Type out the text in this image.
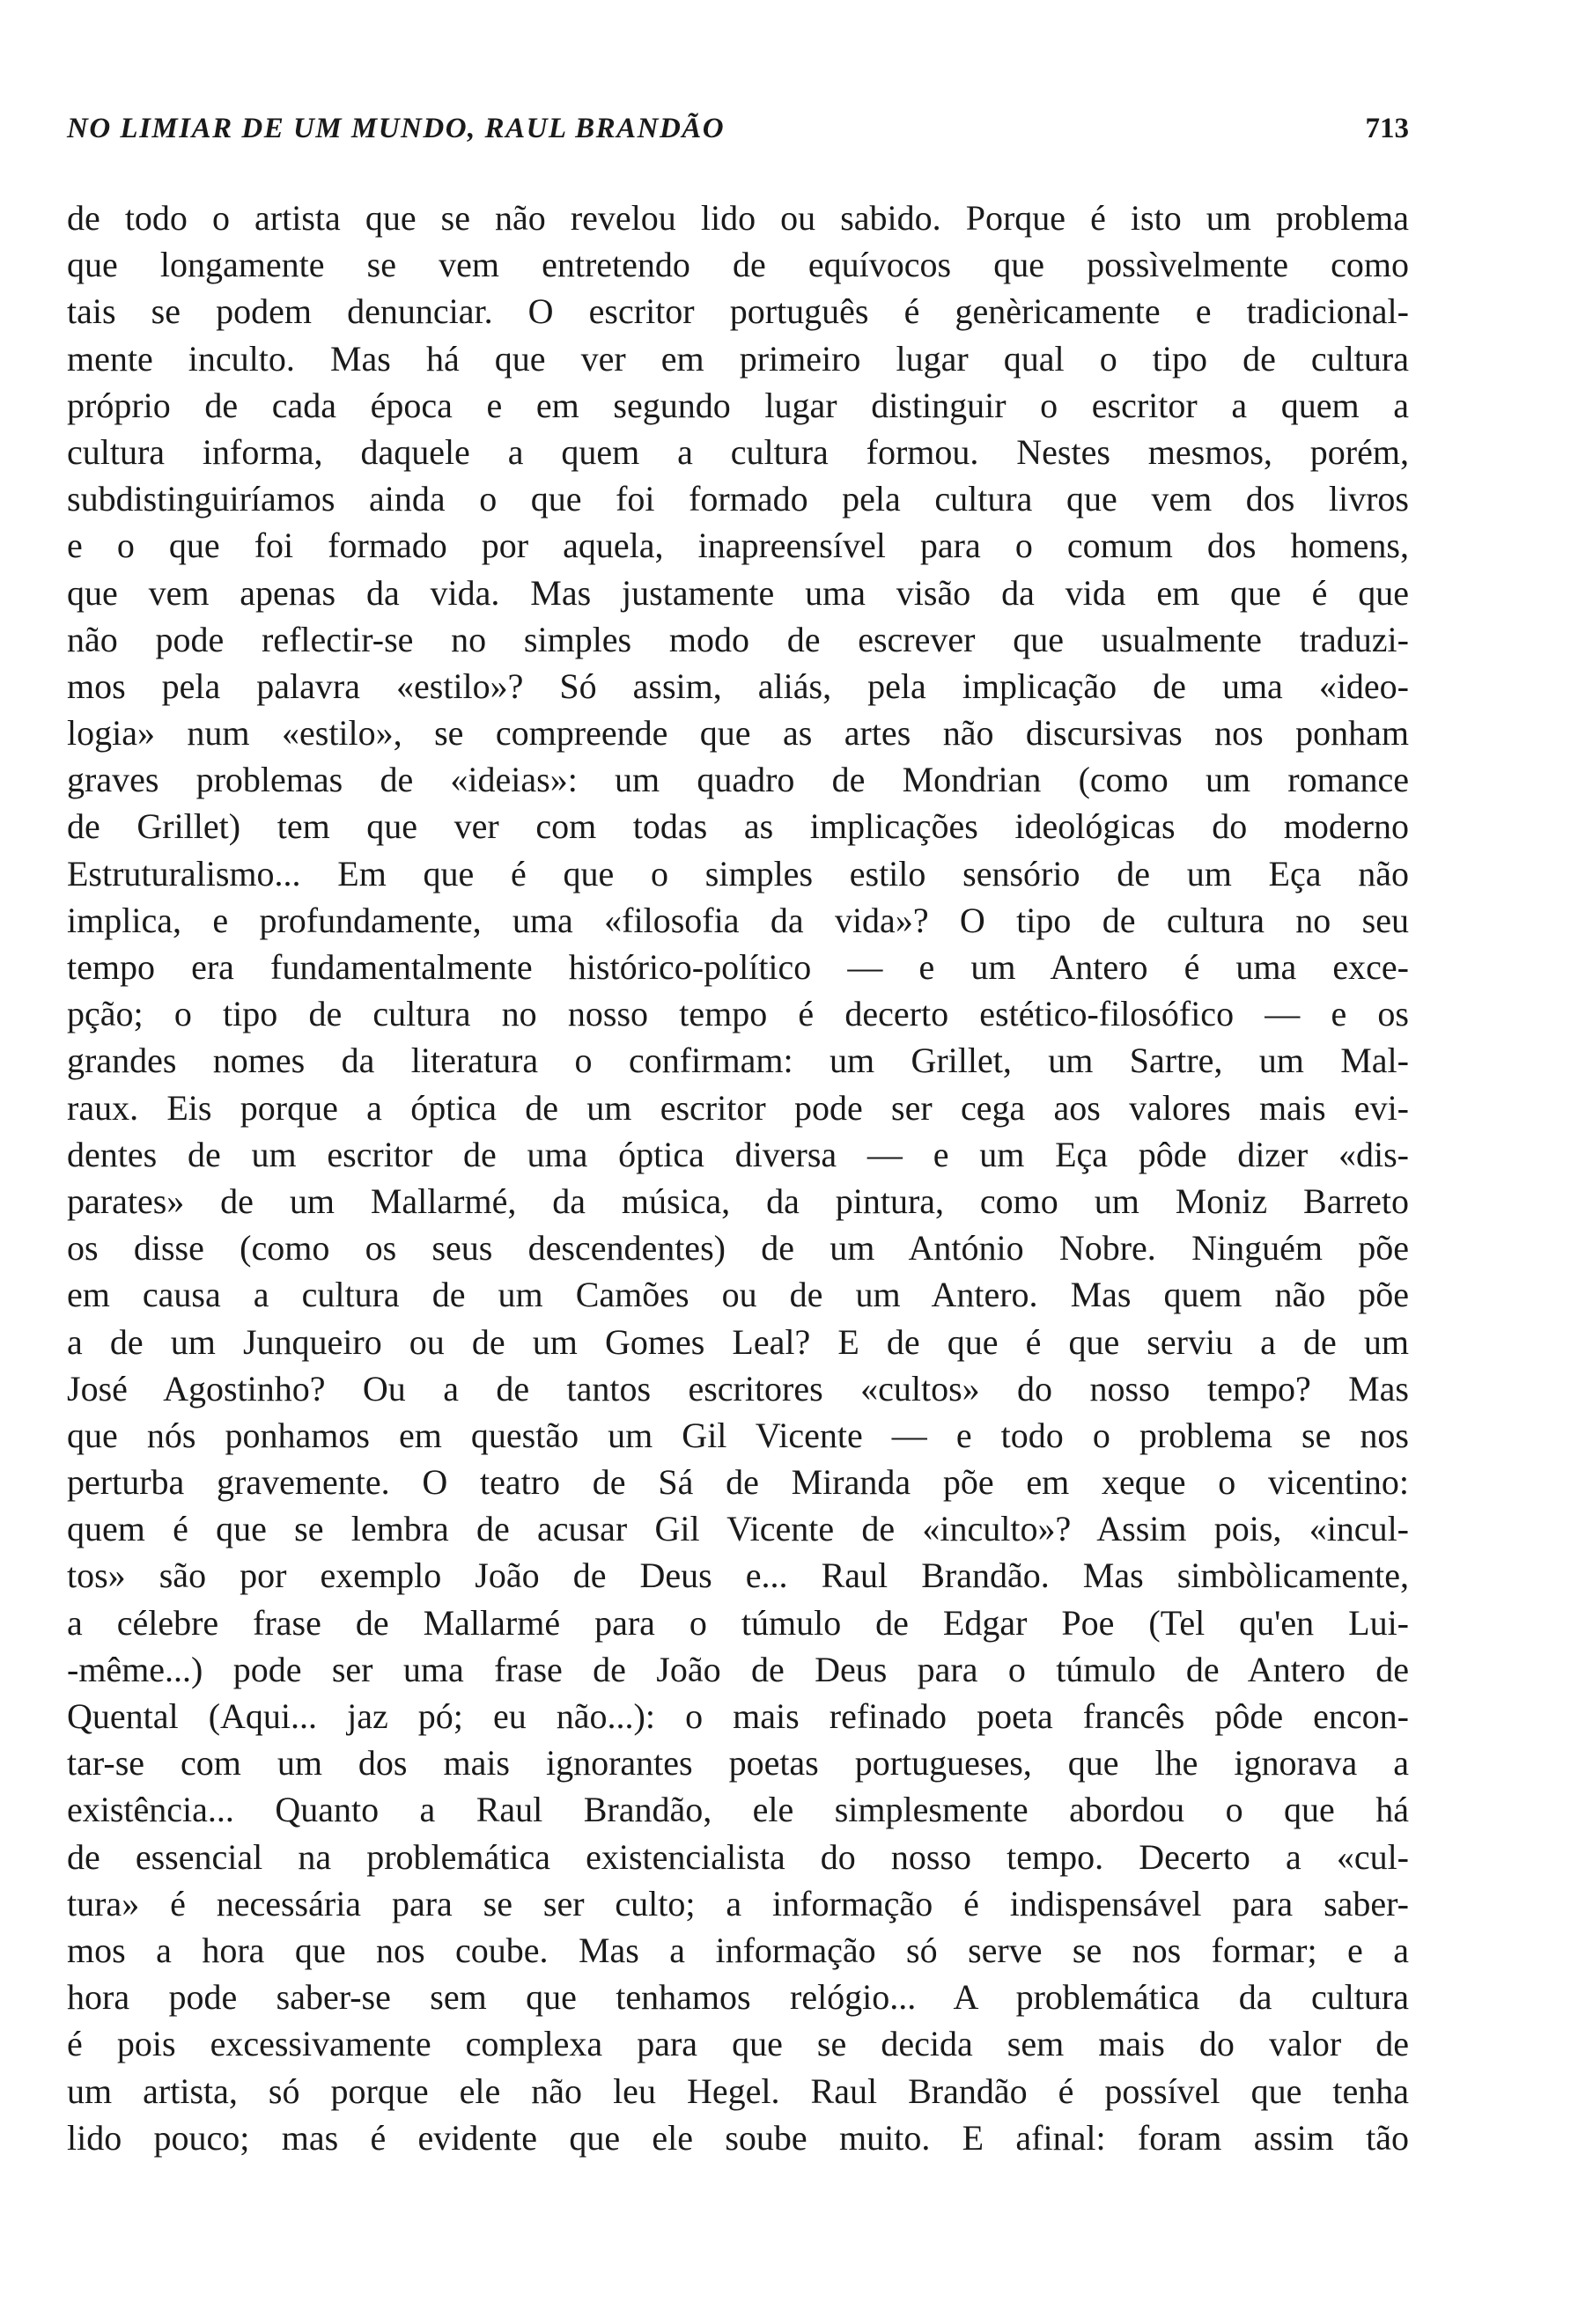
NO LIMIAR DE UM MUNDO, RAUL BRANDÃO	713
de todo o artista que se não revelou lido ou sabido. Porque é isto um problema
que longamente se vem entretendo de equívocos que possìvelmente como
tais se podem denunciar. O escritor português é genèricamente e tradicional-
mente inculto. Mas há que ver em primeiro lugar qual o tipo de cultura
próprio de cada época e em segundo lugar distinguir o escritor a quem a
cultura informa, daquele a quem a cultura formou. Nestes mesmos, porém,
subdistinguiríamos ainda o que foi formado pela cultura que vem dos livros
e o que foi formado por aquela, inapreensível para o comum dos homens,
que vem apenas da vida. Mas justamente uma visão da vida em que é que
não pode reflectir-se no simples modo de escrever que usualmente traduzi-
mos pela palavra «estilo»? Só assim, aliás, pela implicação de uma «ideo-
logia» num «estilo», se compreende que as artes não discursivas nos ponham
graves problemas de «ideias»: um quadro de Mondrian (como um romance
de Grillet) tem que ver com todas as implicações ideológicas do moderno
Estruturalismo... Em que é que o simples estilo sensório de um Eça não
implica, e profundamente, uma «filosofia da vida»? O tipo de cultura no seu
tempo era fundamentalmente histórico-político — e um Antero é uma exce-
pção; o tipo de cultura no nosso tempo é decerto estético-filosófico — e os
grandes nomes da literatura o confirmam: um Grillet, um Sartre, um Mal-
raux. Eis porque a óptica de um escritor pode ser cega aos valores mais evi-
dentes de um escritor de uma óptica diversa — e um Eça pôde dizer «dis-
parates» de um Mallarmé, da música, da pintura, como um Moniz Barreto
os disse (como os seus descendentes) de um António Nobre. Ninguém põe
em causa a cultura de um Camões ou de um Antero. Mas quem não põe
a de um Junqueiro ou de um Gomes Leal? E de que é que serviu a de um
José Agostinho? Ou a de tantos escritores «cultos» do nosso tempo? Mas
que nós ponhamos em questão um Gil Vicente — e todo o problema se nos
perturba gravemente. O teatro de Sá de Miranda põe em xeque o vicentino:
quem é que se lembra de acusar Gil Vicente de «inculto»? Assim pois, «incul-
tos» são por exemplo João de Deus e... Raul Brandão. Mas simbòlicamente,
a célebre frase de Mallarmé para o túmulo de Edgar Poe (Tel qu'en Lui-
-même...) pode ser uma frase de João de Deus para o túmulo de Antero de
Quental (Aqui... jaz pó; eu não...): o mais refinado poeta francês pôde encon-
tar-se com um dos mais ignorantes poetas portugueses, que lhe ignorava a
existência... Quanto a Raul Brandão, ele simplesmente abordou o que há
de essencial na problemática existencialista do nosso tempo. Decerto a «cul-
tura» é necessária para se ser culto; a informação é indispensável para saber-
mos a hora que nos coube. Mas a informação só serve se nos formar; e a
hora pode saber-se sem que tenhamos relógio... A problemática da cultura
é pois excessivamente complexa para que se decida sem mais do valor de
um artista, só porque ele não leu Hegel. Raul Brandão é possível que tenha
lido pouco; mas é evidente que ele soube muito. E afinal: foram assim tão
